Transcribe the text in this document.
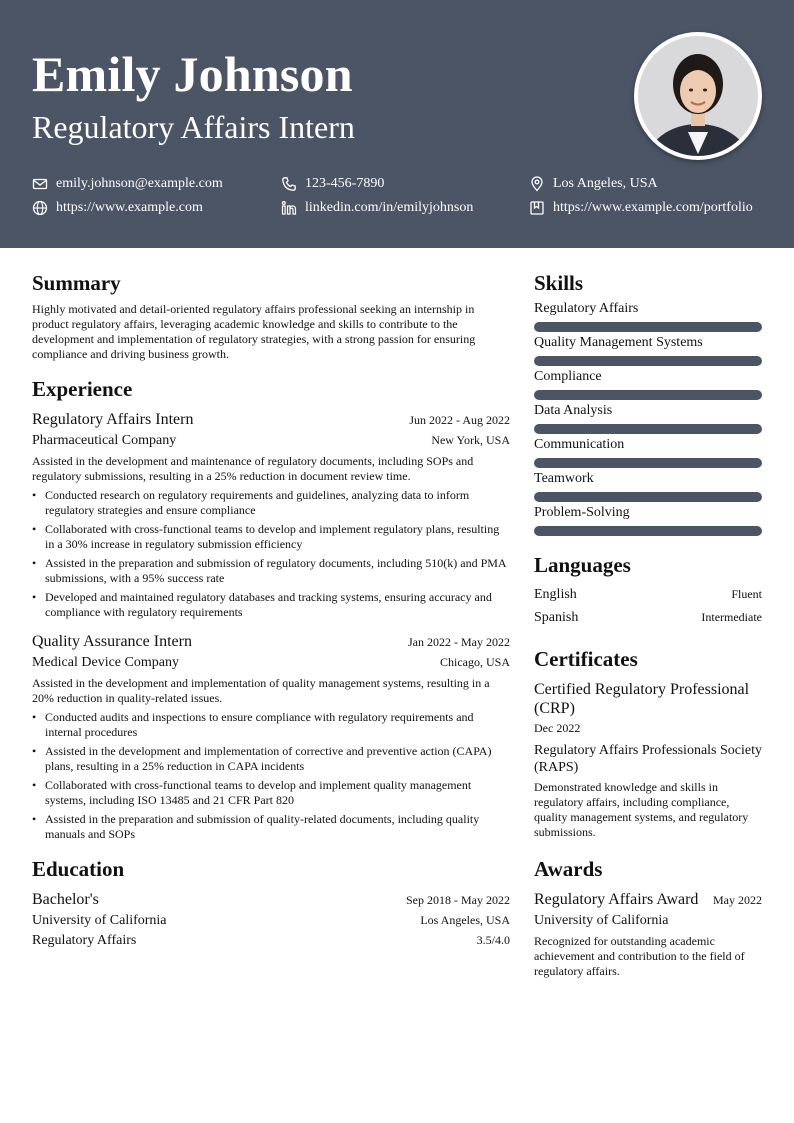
Emily Johnson
Regulatory Affairs Intern
emily.johnson@example.com	123-456-7890	Los Angeles, USA
https://www.example.com	linkedin.com/in/emilyjohnson	https://www.example.com/portfolio
Summary
Highly motivated and detail-oriented regulatory affairs professional seeking an internship in product regulatory affairs, leveraging academic knowledge and skills to contribute to the development and implementation of regulatory strategies, with a strong passion for ensuring compliance and driving business growth.
Experience
Regulatory Affairs Intern	Jun 2022 - Aug 2022
Pharmaceutical Company	New York, USA
Assisted in the development and maintenance of regulatory documents, including SOPs and regulatory submissions, resulting in a 25% reduction in document review time.
• Conducted research on regulatory requirements and guidelines, analyzing data to inform regulatory strategies and ensure compliance
• Collaborated with cross-functional teams to develop and implement regulatory plans, resulting in a 30% increase in regulatory submission efficiency
• Assisted in the preparation and submission of regulatory documents, including 510(k) and PMA submissions, with a 95% success rate
• Developed and maintained regulatory databases and tracking systems, ensuring accuracy and compliance with regulatory requirements
Quality Assurance Intern	Jan 2022 - May 2022
Medical Device Company	Chicago, USA
Assisted in the development and implementation of quality management systems, resulting in a 20% reduction in quality-related issues.
• Conducted audits and inspections to ensure compliance with regulatory requirements and internal procedures
• Assisted in the development and implementation of corrective and preventive action (CAPA) plans, resulting in a 25% reduction in CAPA incidents
• Collaborated with cross-functional teams to develop and implement quality management systems, including ISO 13485 and 21 CFR Part 820
• Assisted in the preparation and submission of quality-related documents, including quality manuals and SOPs
Education
Bachelor's	Sep 2018 - May 2022
University of California	Los Angeles, USA
Regulatory Affairs	3.5/4.0
Skills
Regulatory Affairs
Quality Management Systems
Compliance
Data Analysis
Communication
Teamwork
Problem-Solving
Languages
English	Fluent
Spanish	Intermediate
Certificates
Certified Regulatory Professional (CRP)
Dec 2022
Regulatory Affairs Professionals Society (RAPS)
Demonstrated knowledge and skills in regulatory affairs, including compliance, quality management systems, and regulatory submissions.
Awards
Regulatory Affairs Award May 2022
University of California
Recognized for outstanding academic achievement and contribution to the field of regulatory affairs.
